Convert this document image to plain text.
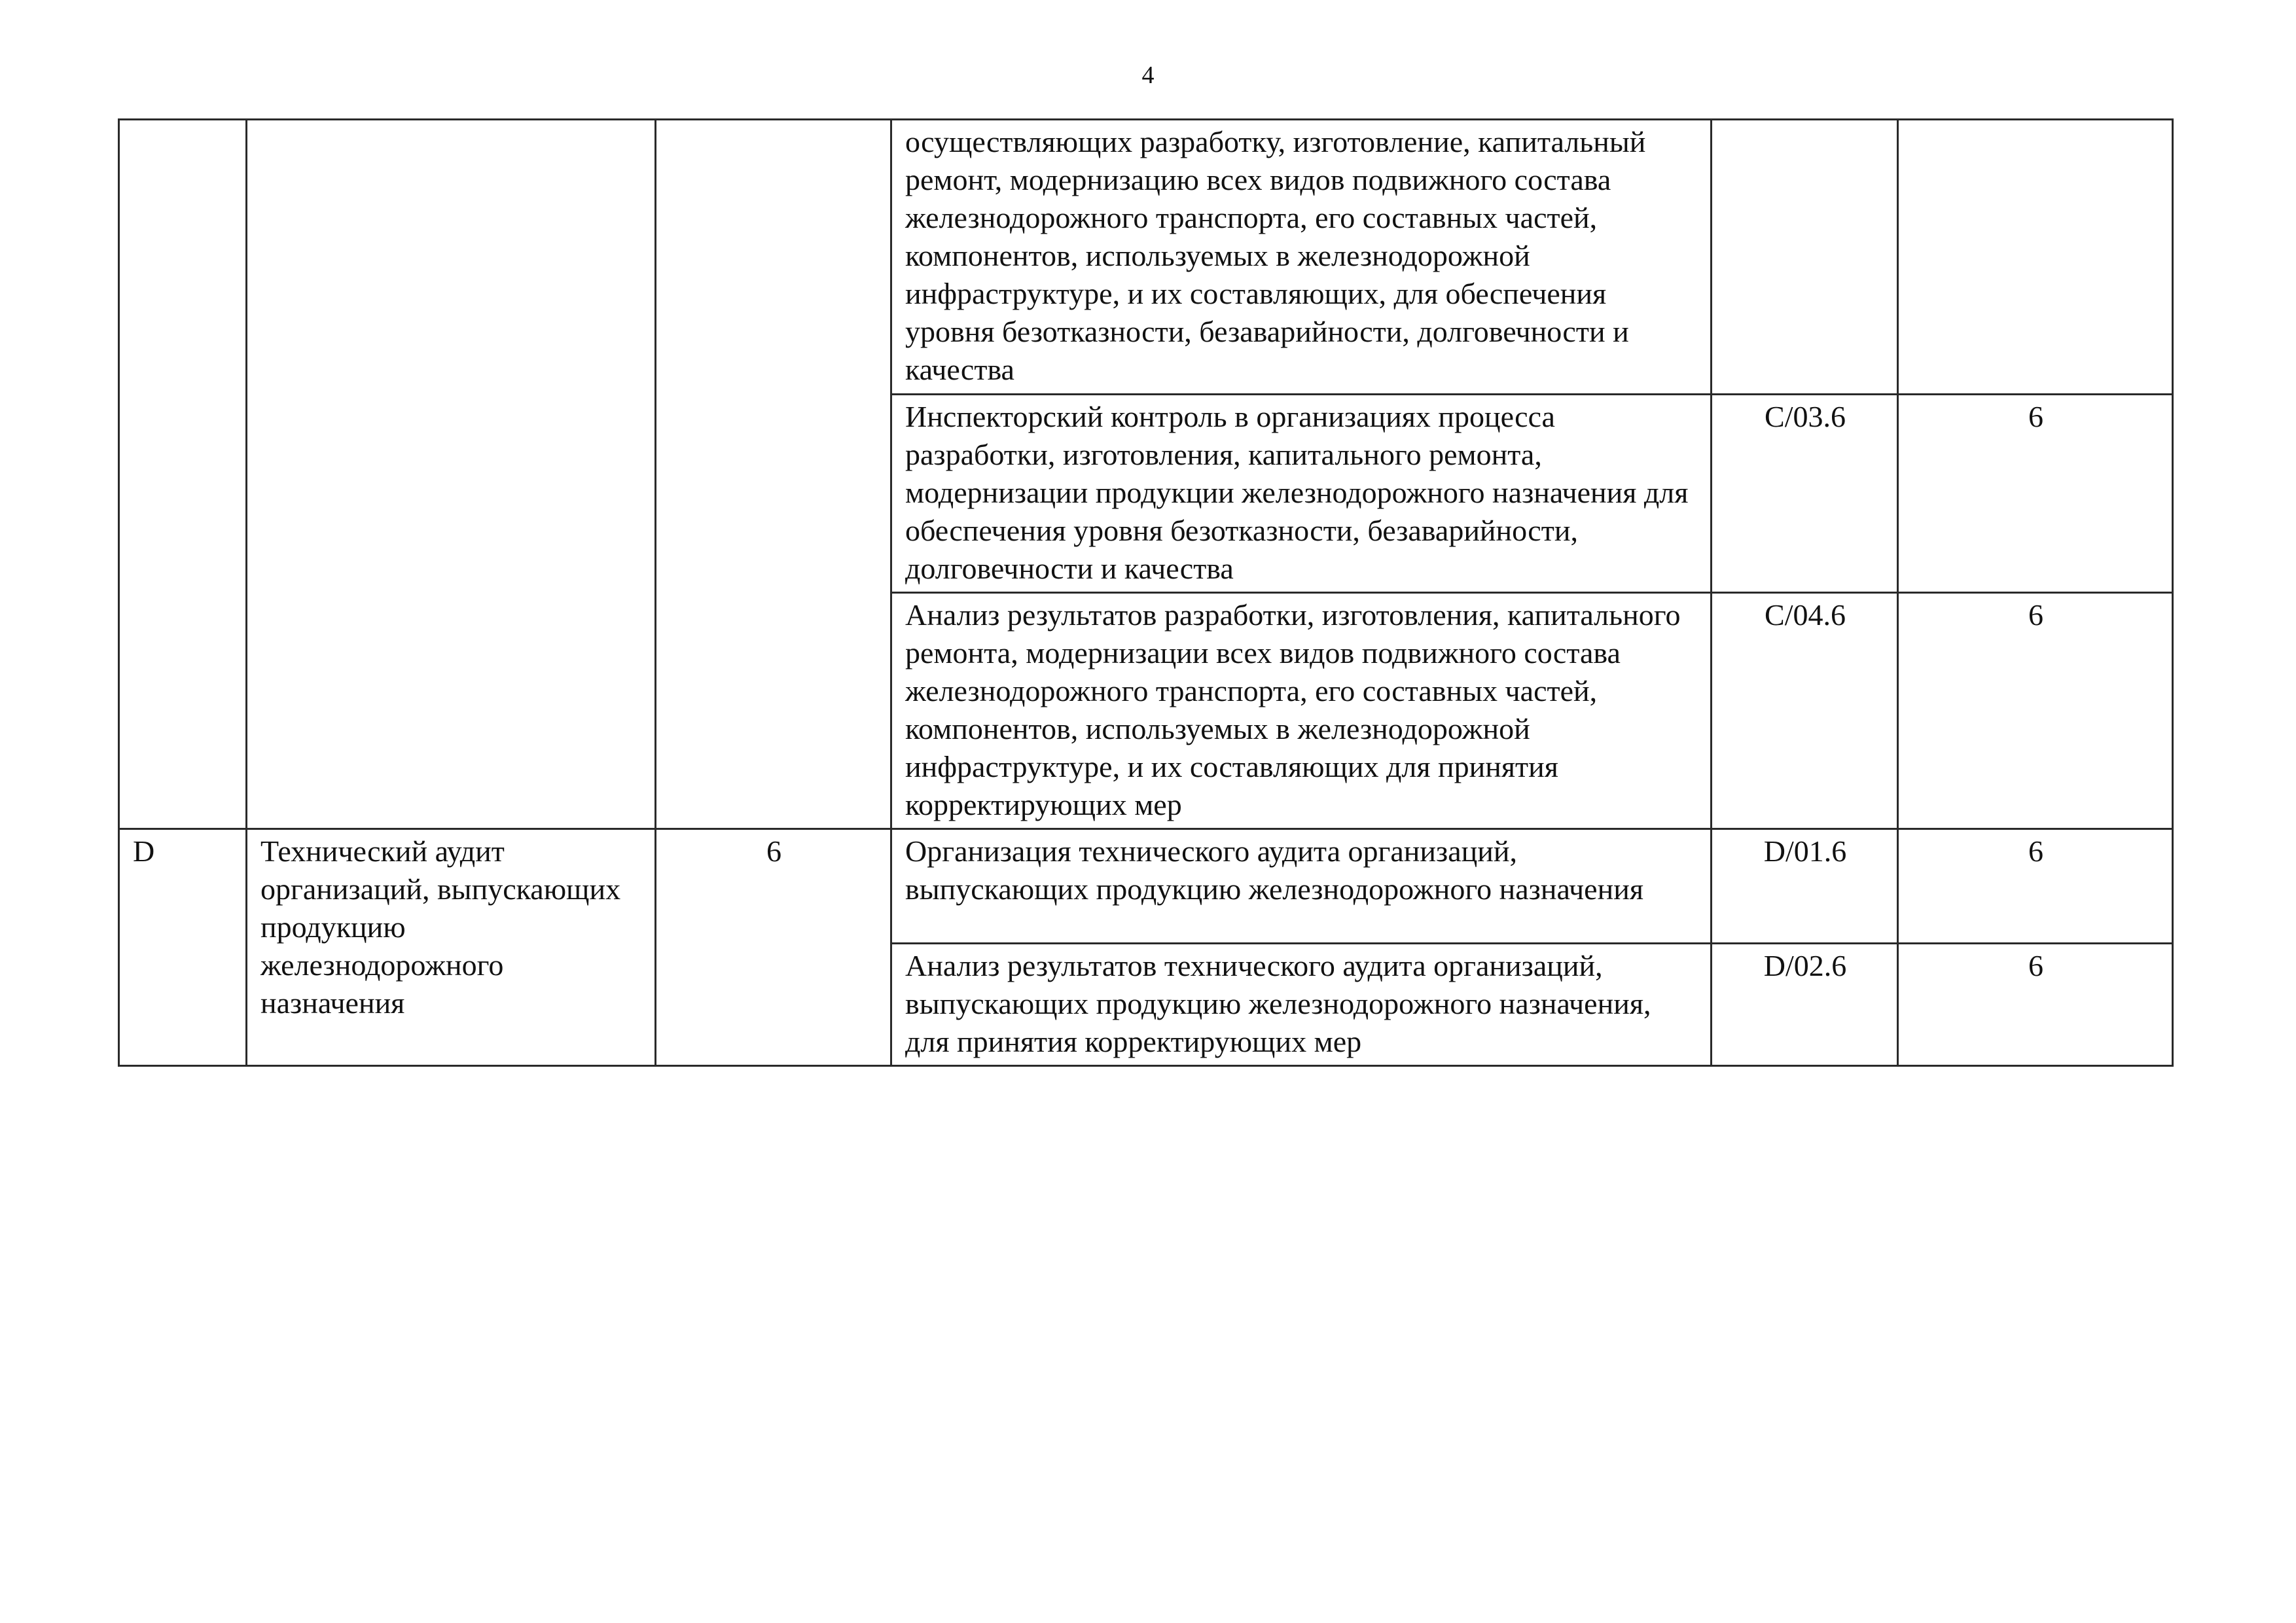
4
			осуществляющих разработку, изготовление, капитальный ремонт, модернизацию всех видов подвижного состава железнодорожного транспорта, его составных частей, компонентов, используемых в железнодорожной инфраструктуре, и их составляющих, для обеспечения уровня безотказности, безаварийности, долговечности и качества		
			Инспекторский контроль в организациях процесса разработки, изготовления, капитального ремонта, модернизации продукции железнодорожного назначения для обеспечения уровня безотказности, безаварийности, долговечности и качества	C/03.6	6
			Анализ результатов разработки, изготовления, капитального ремонта, модернизации всех видов подвижного состава железнодорожного транспорта, его составных частей, компонентов, используемых в железнодорожной инфраструктуре, и их составляющих для принятия корректирующих мер	C/04.6	6
D	Технический аудит организаций, выпускающих продукцию железнодорожного назначения	6	Организация технического аудита организаций, выпускающих продукцию железнодорожного назначения	D/01.6	6
			Анализ результатов технического аудита организаций, выпускающих продукцию железнодорожного назначения, для принятия корректирующих мер	D/02.6	6
